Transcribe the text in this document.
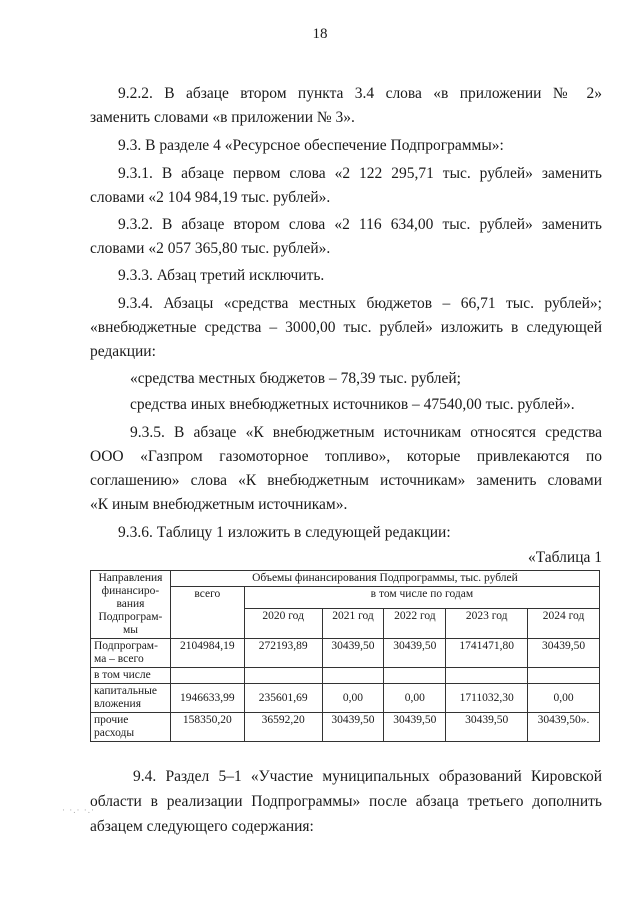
18
9.2.2. В абзаце втором пункта 3.4 слова «в приложении № 2»
заменить словами «в приложении № 3».
9.3. В разделе 4 «Ресурсное обеспечение Подпрограммы»:
9.3.1. В абзаце первом слова «2 122 295,71 тыс. рублей» заменить
словами «2 104 984,19 тыс. рублей».
9.3.2. В абзаце втором слова «2 116 634,00 тыс. рублей» заменить
словами «2 057 365,80 тыс. рублей».
9.3.3. Абзац третий исключить.
9.3.4. Абзацы «средства местных бюджетов – 66,71 тыс. рублей»;
«внебюджетные средства – 3000,00 тыс. рублей» изложить в следующей
редакции:
«средства местных бюджетов – 78,39 тыс. рублей;
средства иных внебюджетных источников – 47540,00 тыс. рублей».
9.3.5. В абзаце «К внебюджетным источникам относятся средства
ООО «Газпром газомоторное топливо», которые привлекаются по
соглашению» слова «К внебюджетным источникам» заменить словами
«К иным внебюджетным источникам».
9.3.6. Таблицу 1 изложить в следующей редакции:
«Таблица 1
Направления финансиро-вания Подпрограм-мы	Объемы финансирования Подпрограммы, тыс. рублей					
	всего	в том числе по годам				
		2020 год	2021 год	2022 год	2023 год	2024 год
Подпрограм-ма – всего	2104984,19	272193,89	30439,50	30439,50	1741471,80	30439,50
в том числе						
капитальные вложения	1946633,99	235601,69	0,00	0,00	1711032,30	0,00
прочие расходы	158350,20	36592,20	30439,50	30439,50	30439,50	30439,50».
9.4. Раздел 5–1 «Участие муниципальных образований Кировской
области в реализации Подпрограммы» после абзаца третьего дополнить
абзацем следующего содержания:
· ·.· ·.·
